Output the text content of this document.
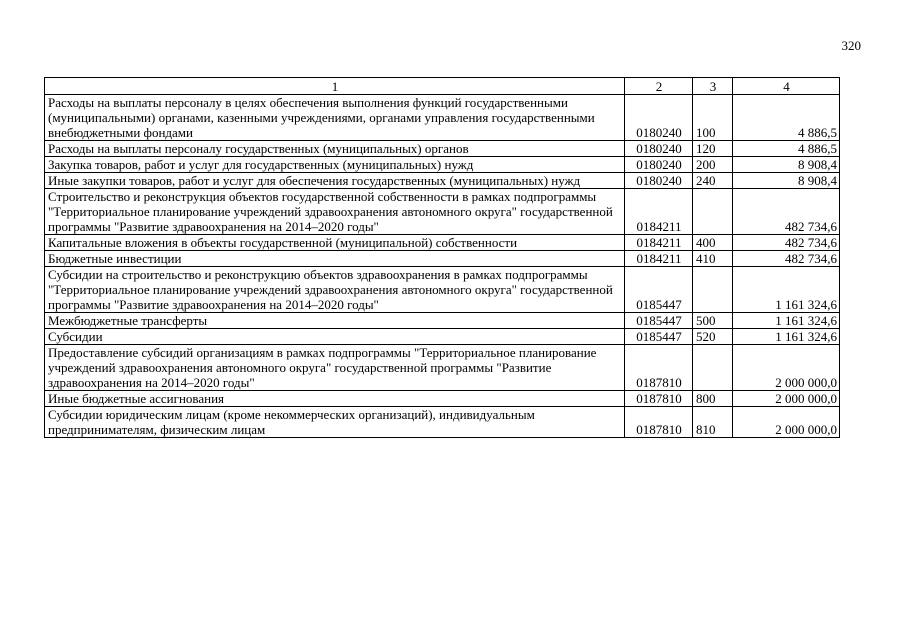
320
1	2	3	4
Расходы на выплаты персоналу в целях обеспечения выполнения функций государственными (муниципальными) органами, казенными учреждениями, органами управления государственными внебюджетными фондами	0180240	100	4 886,5
Расходы на выплаты персоналу государственных (муниципальных) органов	0180240	120	4 886,5
Закупка товаров, работ и услуг для государственных (муниципальных) нужд	0180240	200	8 908,4
Иные закупки товаров, работ и услуг для обеспечения государственных (муниципальных) нужд	0180240	240	8 908,4
Строительство и реконструкция объектов государственной собственности в рамках подпрограммы "Территориальное планирование учреждений здравоохранения автономного округа" государственной программы "Развитие здравоохранения на 2014–2020 годы"	0184211		482 734,6
Капитальные вложения в объекты государственной (муниципальной) собственности	0184211	400	482 734,6
Бюджетные инвестиции	0184211	410	482 734,6
Субсидии на строительство и реконструкцию объектов здравоохранения в рамках подпрограммы "Территориальное планирование учреждений здравоохранения автономного округа" государственной программы "Развитие здравоохранения на 2014–2020 годы"	0185447		1 161 324,6
Межбюджетные трансферты	0185447	500	1 161 324,6
Субсидии	0185447	520	1 161 324,6
Предоставление субсидий организациям в рамках подпрограммы "Территориальное планирование учреждений здравоохранения автономного округа" государственной программы "Развитие здравоохранения на 2014–2020 годы"	0187810		2 000 000,0
Иные бюджетные ассигнования	0187810	800	2 000 000,0
Субсидии юридическим лицам (кроме некоммерческих организаций), индивидуальным предпринимателям, физическим лицам	0187810	810	2 000 000,0
